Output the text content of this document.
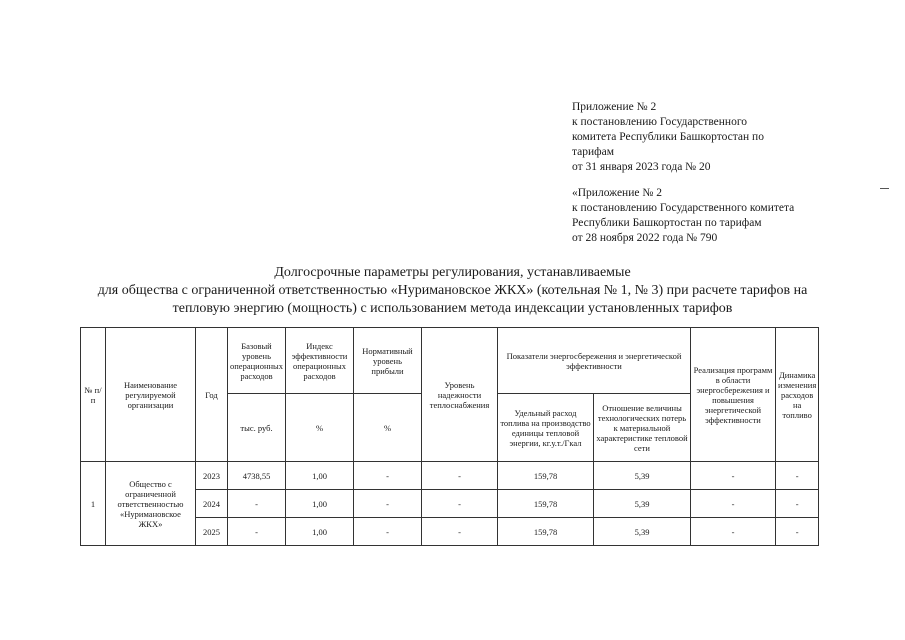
Приложение № 2
к постановлению Государственного
комитета Республики Башкортостан по
тарифам
от 31 января 2023 года № 20
«Приложение № 2
к постановлению Государственного комитета
Республики Башкортостан по тарифам
от 28 ноября 2022 года № 790
Долгосрочные параметры регулирования, устанавливаемые
для общества с ограниченной ответственностью «Нуримановское ЖКХ» (котельная № 1, № 3) при расчете тарифов на
тепловую энергию (мощность) с использованием метода индексации установленных тарифов
№ п/п	Наименование регулируемой организации	Год	Базовый уровень операционных расходов	Индекс эффективности операционных расходов	Нормативный уровень прибыли	Уровень надежности теплоснабжения	Показатели энергосбережения и энергетической эффективности		Реализация программ в области энергосбережения и повышения энергетической эффективности	Динамика изменения расходов на топливо
			тыс. руб.	%	%		Удельный расход топлива на производство единицы тепловой энергии, кг.у.т./Гкал	Отношение величины технологических потерь к материальной характеристике тепловой сети		
1	Общество с ограниченной ответственностью «Нуримановское ЖКХ»	2023	4738,55	1,00	-	-	159,78	5,39	-	-
		2024	-	1,00	-	-	159,78	5,39	-	-
		2025	-	1,00	-	-	159,78	5,39	-	-
